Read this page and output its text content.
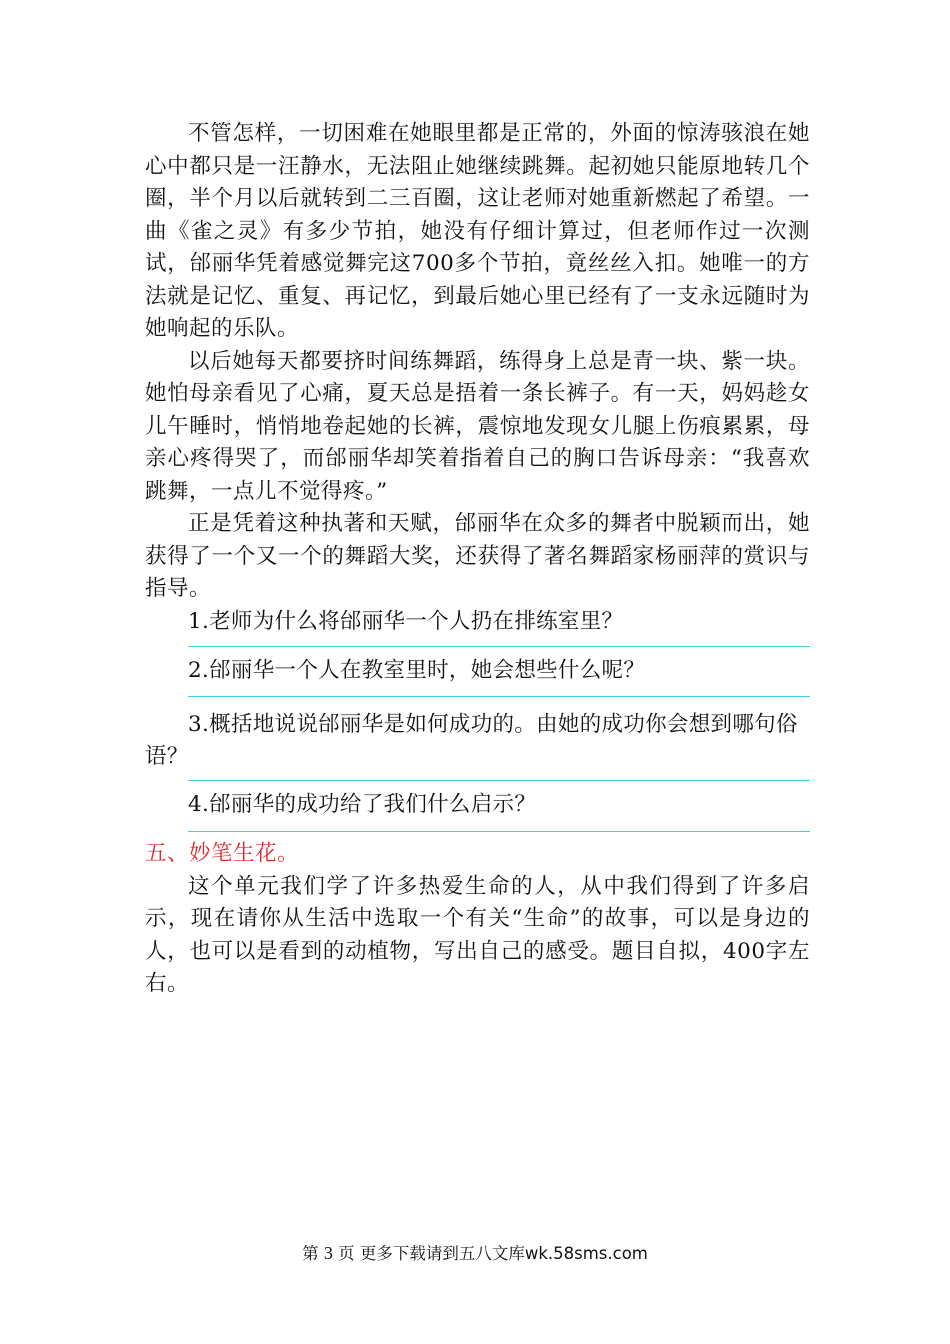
不管怎样，一切困难在她眼里都是正常的，外面的惊涛骇浪在她心中都只是一汪静水，无法阻止她继续跳舞。起初她只能原地转几个圈，半个月以后就转到二三百圈，这让老师对她重新燃起了希望。一曲《雀之灵》有多少节拍，她没有仔细计算过，但老师作过一次测试，邰丽华凭着感觉舞完这700多个节拍，竟丝丝入扣。她唯一的方法就是记忆、重复、再记忆，到最后她心里已经有了一支永远随时为她响起的乐队。

以后她每天都要挤时间练舞蹈，练得身上总是青一块、紫一块。她怕母亲看见了心痛，夏天总是捂着一条长裤子。有一天，妈妈趁女儿午睡时，悄悄地卷起她的长裤，震惊地发现女儿腿上伤痕累累，母亲心疼得哭了，而邰丽华却笑着指着自己的胸口告诉母亲：“我喜欢跳舞，一点儿不觉得疼。”

正是凭着这种执著和天赋，邰丽华在众多的舞者中脱颖而出，她获得了一个又一个的舞蹈大奖，还获得了著名舞蹈家杨丽萍的赏识与指导。

1.老师为什么将邰丽华一个人扔在排练室里？

2.邰丽华一个人在教室里时，她会想些什么呢？

3.概括地说说邰丽华是如何成功的。由她的成功你会想到哪句俗语？

4.邰丽华的成功给了我们什么启示？

五、妙笔生花。

这个单元我们学了许多热爱生命的人，从中我们得到了许多启示，现在请你从生活中选取一个有关“生命”的故事，可以是身边的人，也可以是看到的动植物，写出自己的感受。题目自拟，400字左右。

第 3 页 更多下载请到五八文库wk.58sms.com
